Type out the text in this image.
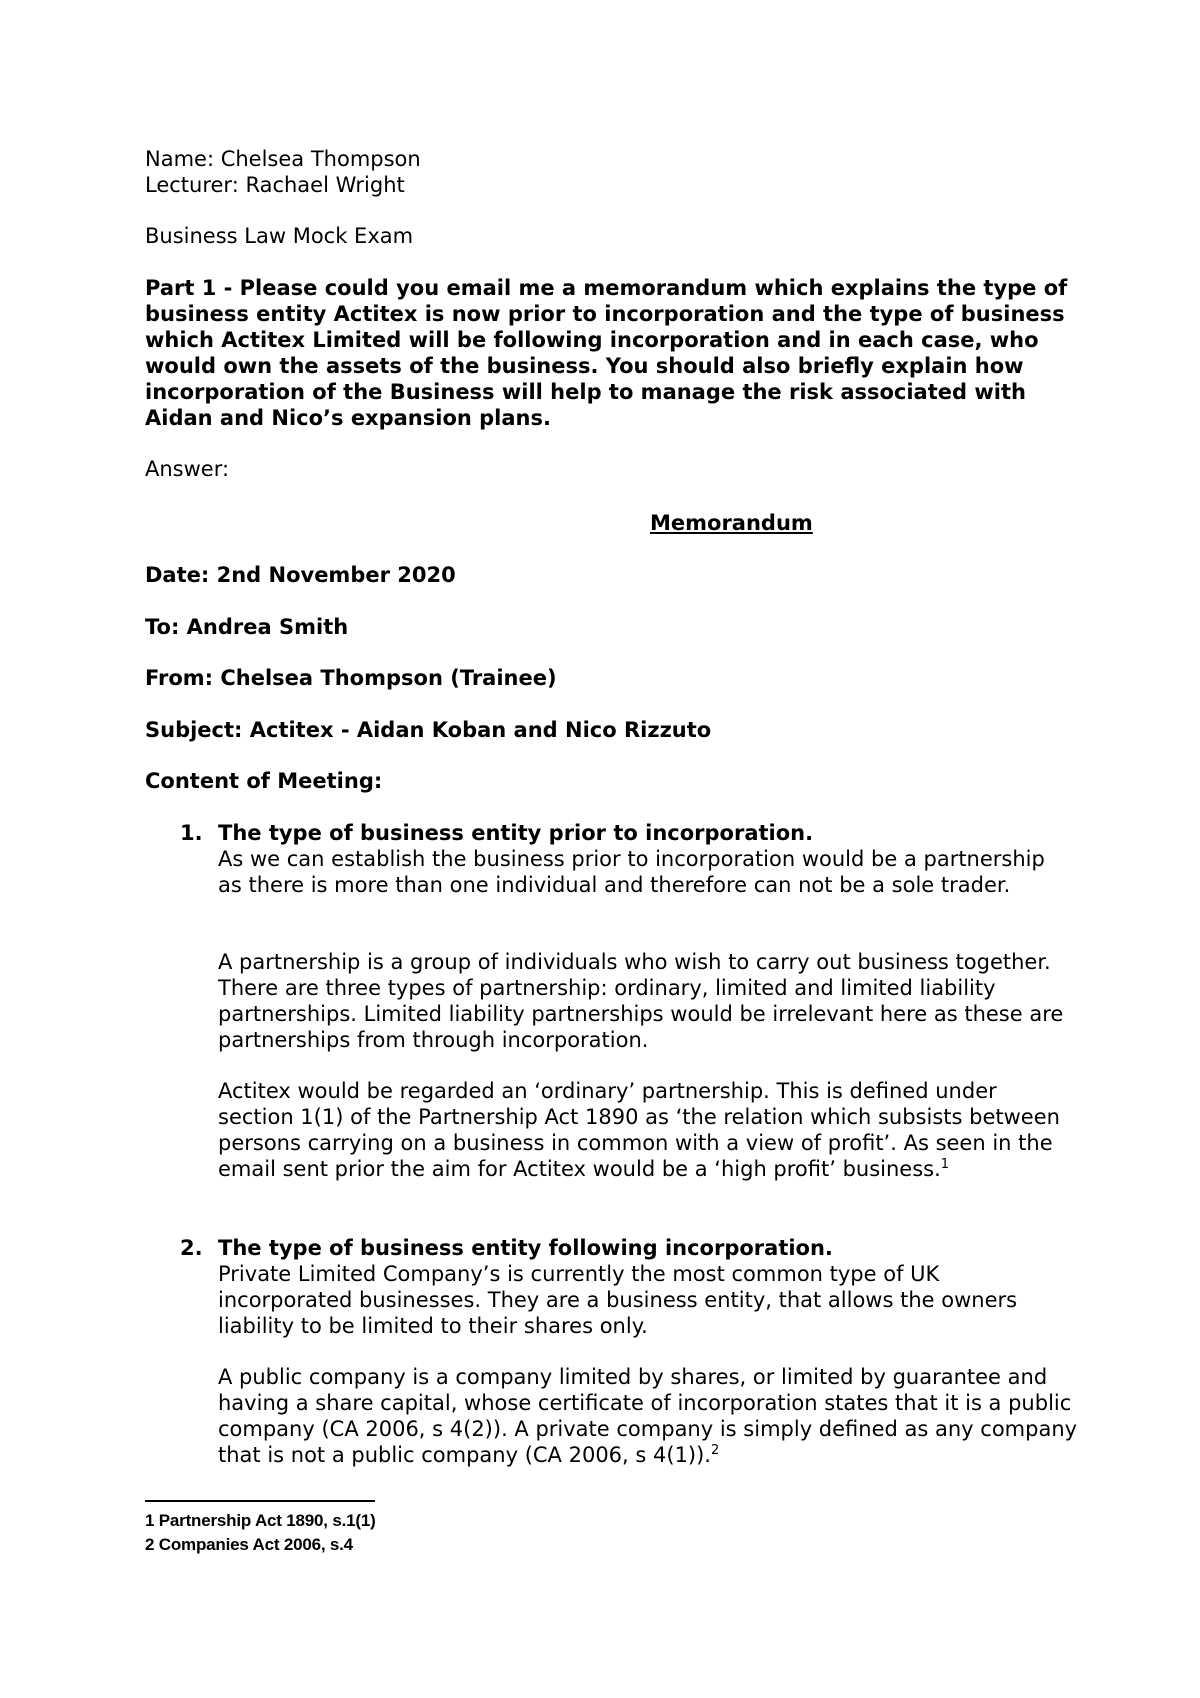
Name: Chelsea Thompson

Lecturer: Rachael Wright

Business Law Mock Exam

Part 1 - Please could you email me a memorandum which explains the type of business entity Actitex is now prior to incorporation and the type of business which Actitex Limited will be following incorporation and in each case, who would own the assets of the business. You should also briefly explain how incorporation of the Business will help to manage the risk associated with Aidan and Nico’s expansion plans.

Answer:

Memorandum

Date: 2nd November 2020

To: Andrea Smith

From: Chelsea Thompson (Trainee)

Subject: Actitex - Aidan Koban and Nico Rizzuto

Content of Meeting:

1. The type of business entity prior to incorporation.

As we can establish the business prior to incorporation would be a partnership as there is more than one individual and therefore can not be a sole trader.

A partnership is a group of individuals who wish to carry out business together. There are three types of partnership: ordinary, limited and limited liability partnerships. Limited liability partnerships would be irrelevant here as these are partnerships from through incorporation.

Actitex would be regarded an ‘ordinary’ partnership. This is defined under section 1(1) of the Partnership Act 1890 as ‘the relation which subsists between persons carrying on a business in common with a view of profit’. As seen in the email sent prior the aim for Actitex would be a ‘high profit’ business.$^1$

2. The type of business entity following incorporation.

Private Limited Company’s is currently the most common type of UK incorporated businesses. They are a business entity, that allows the owners liability to be limited to their shares only.

A public company is a company limited by shares, or limited by guarantee and having a share capital, whose certificate of incorporation states that it is a public company (CA 2006, s 4(2)). A private company is simply defined as any company that is not a public company (CA 2006, s 4(1)).$^2$

1 Partnership Act 1890, s.1(1)
2 Companies Act 2006, s.4
